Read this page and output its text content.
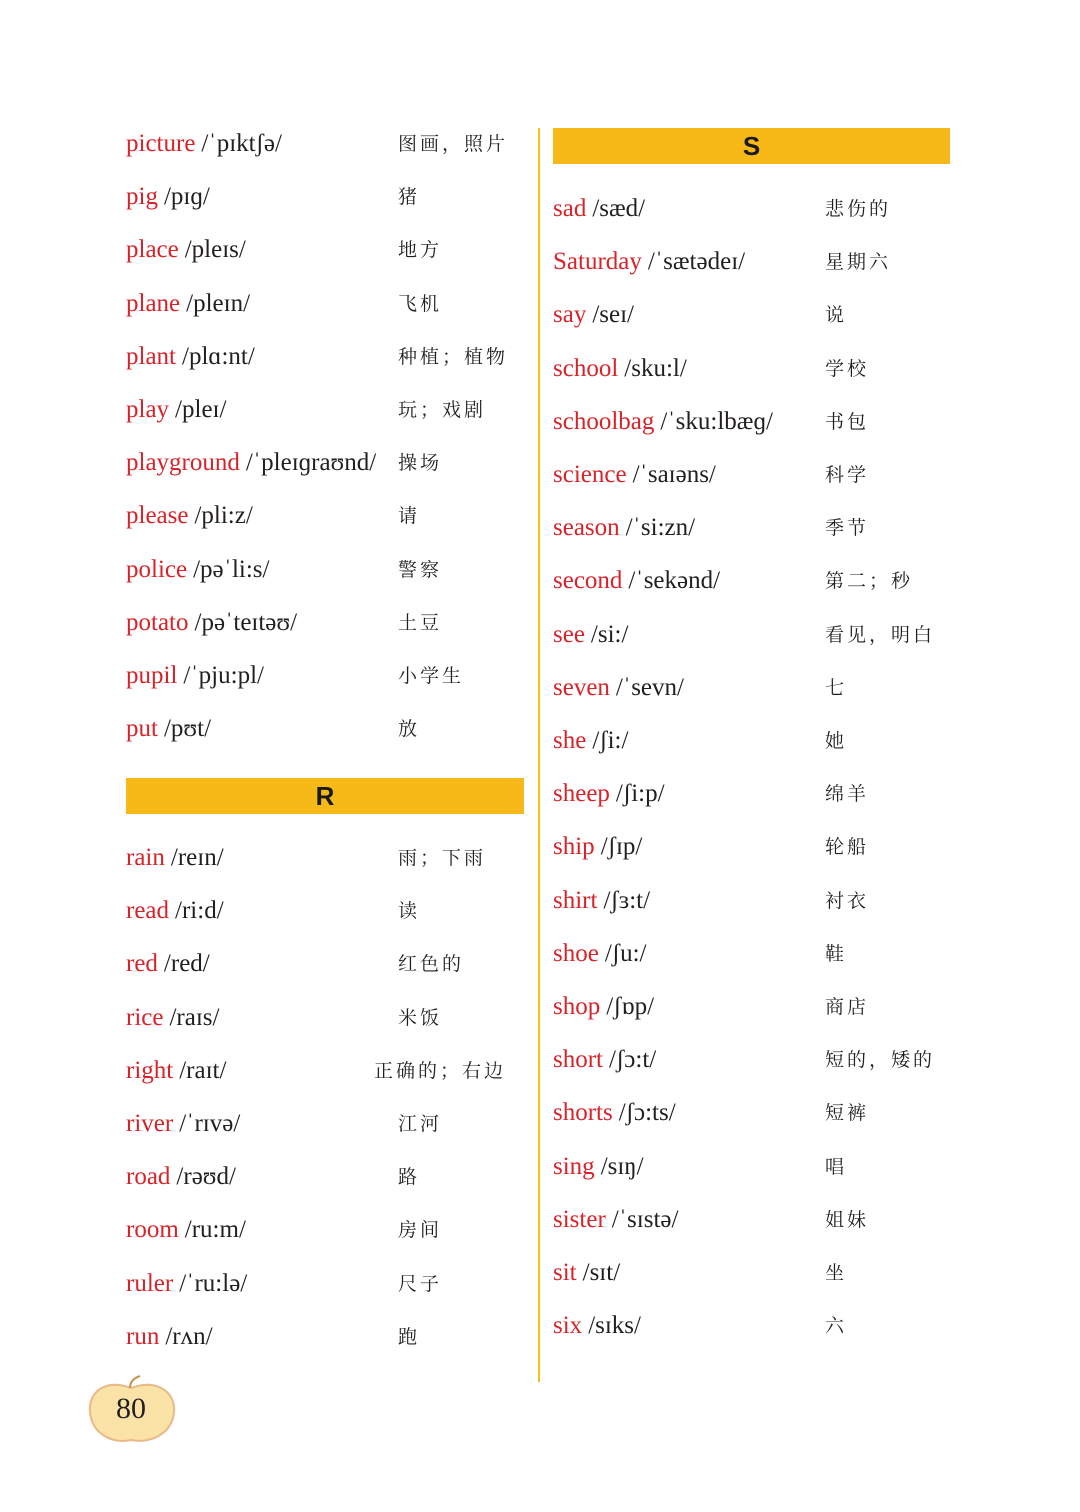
picture /ˈpɪktʃə/	图画，照片
pig /pɪɡ/	猪
place /pleɪs/	地方
plane /pleɪn/	飞机
plant /plɑ:nt/	种植；植物
play /pleɪ/	玩；戏剧
playground /ˈpleɪɡraʊnd/ 操场
please /pli:z/	请
police /pəˈli:s/	警察
potato /pəˈteɪtəʊ/	土豆
pupil /ˈpju:pl/	小学生
put /pʊt/	放
R
rain /reɪn/	雨；下雨
read /ri:d/	读
red /red/	红色的
rice /raɪs/	米饭
right /raɪt/	正确的；右边
river /ˈrɪvə/	江河
road /rəʊd/	路
room /ru:m/	房间
ruler /ˈru:lə/	尺子
run /rʌn/	跑
S
sad /sæd/	悲伤的
Saturday /ˈsætədeɪ/	星期六
say /seɪ/	说
school /sku:l/	学校
schoolbag /ˈsku:lbæɡ/	书包
science /ˈsaɪəns/	科学
season /ˈsi:zn/	季节
second /ˈsekənd/	第二；秒
see /si:/	看见，明白
seven /ˈsevn/	七
she /ʃi:/	她
sheep /ʃi:p/	绵羊
ship /ʃɪp/	轮船
shirt /ʃɜ:t/	衬衣
shoe /ʃu:/	鞋
shop /ʃɒp/	商店
short /ʃɔ:t/	短的，矮的
shorts /ʃɔ:ts/	短裤
sing /sɪŋ/	唱
sister /ˈsɪstə/	姐妹
sit /sɪt/	坐
six /sɪks/	六
80
